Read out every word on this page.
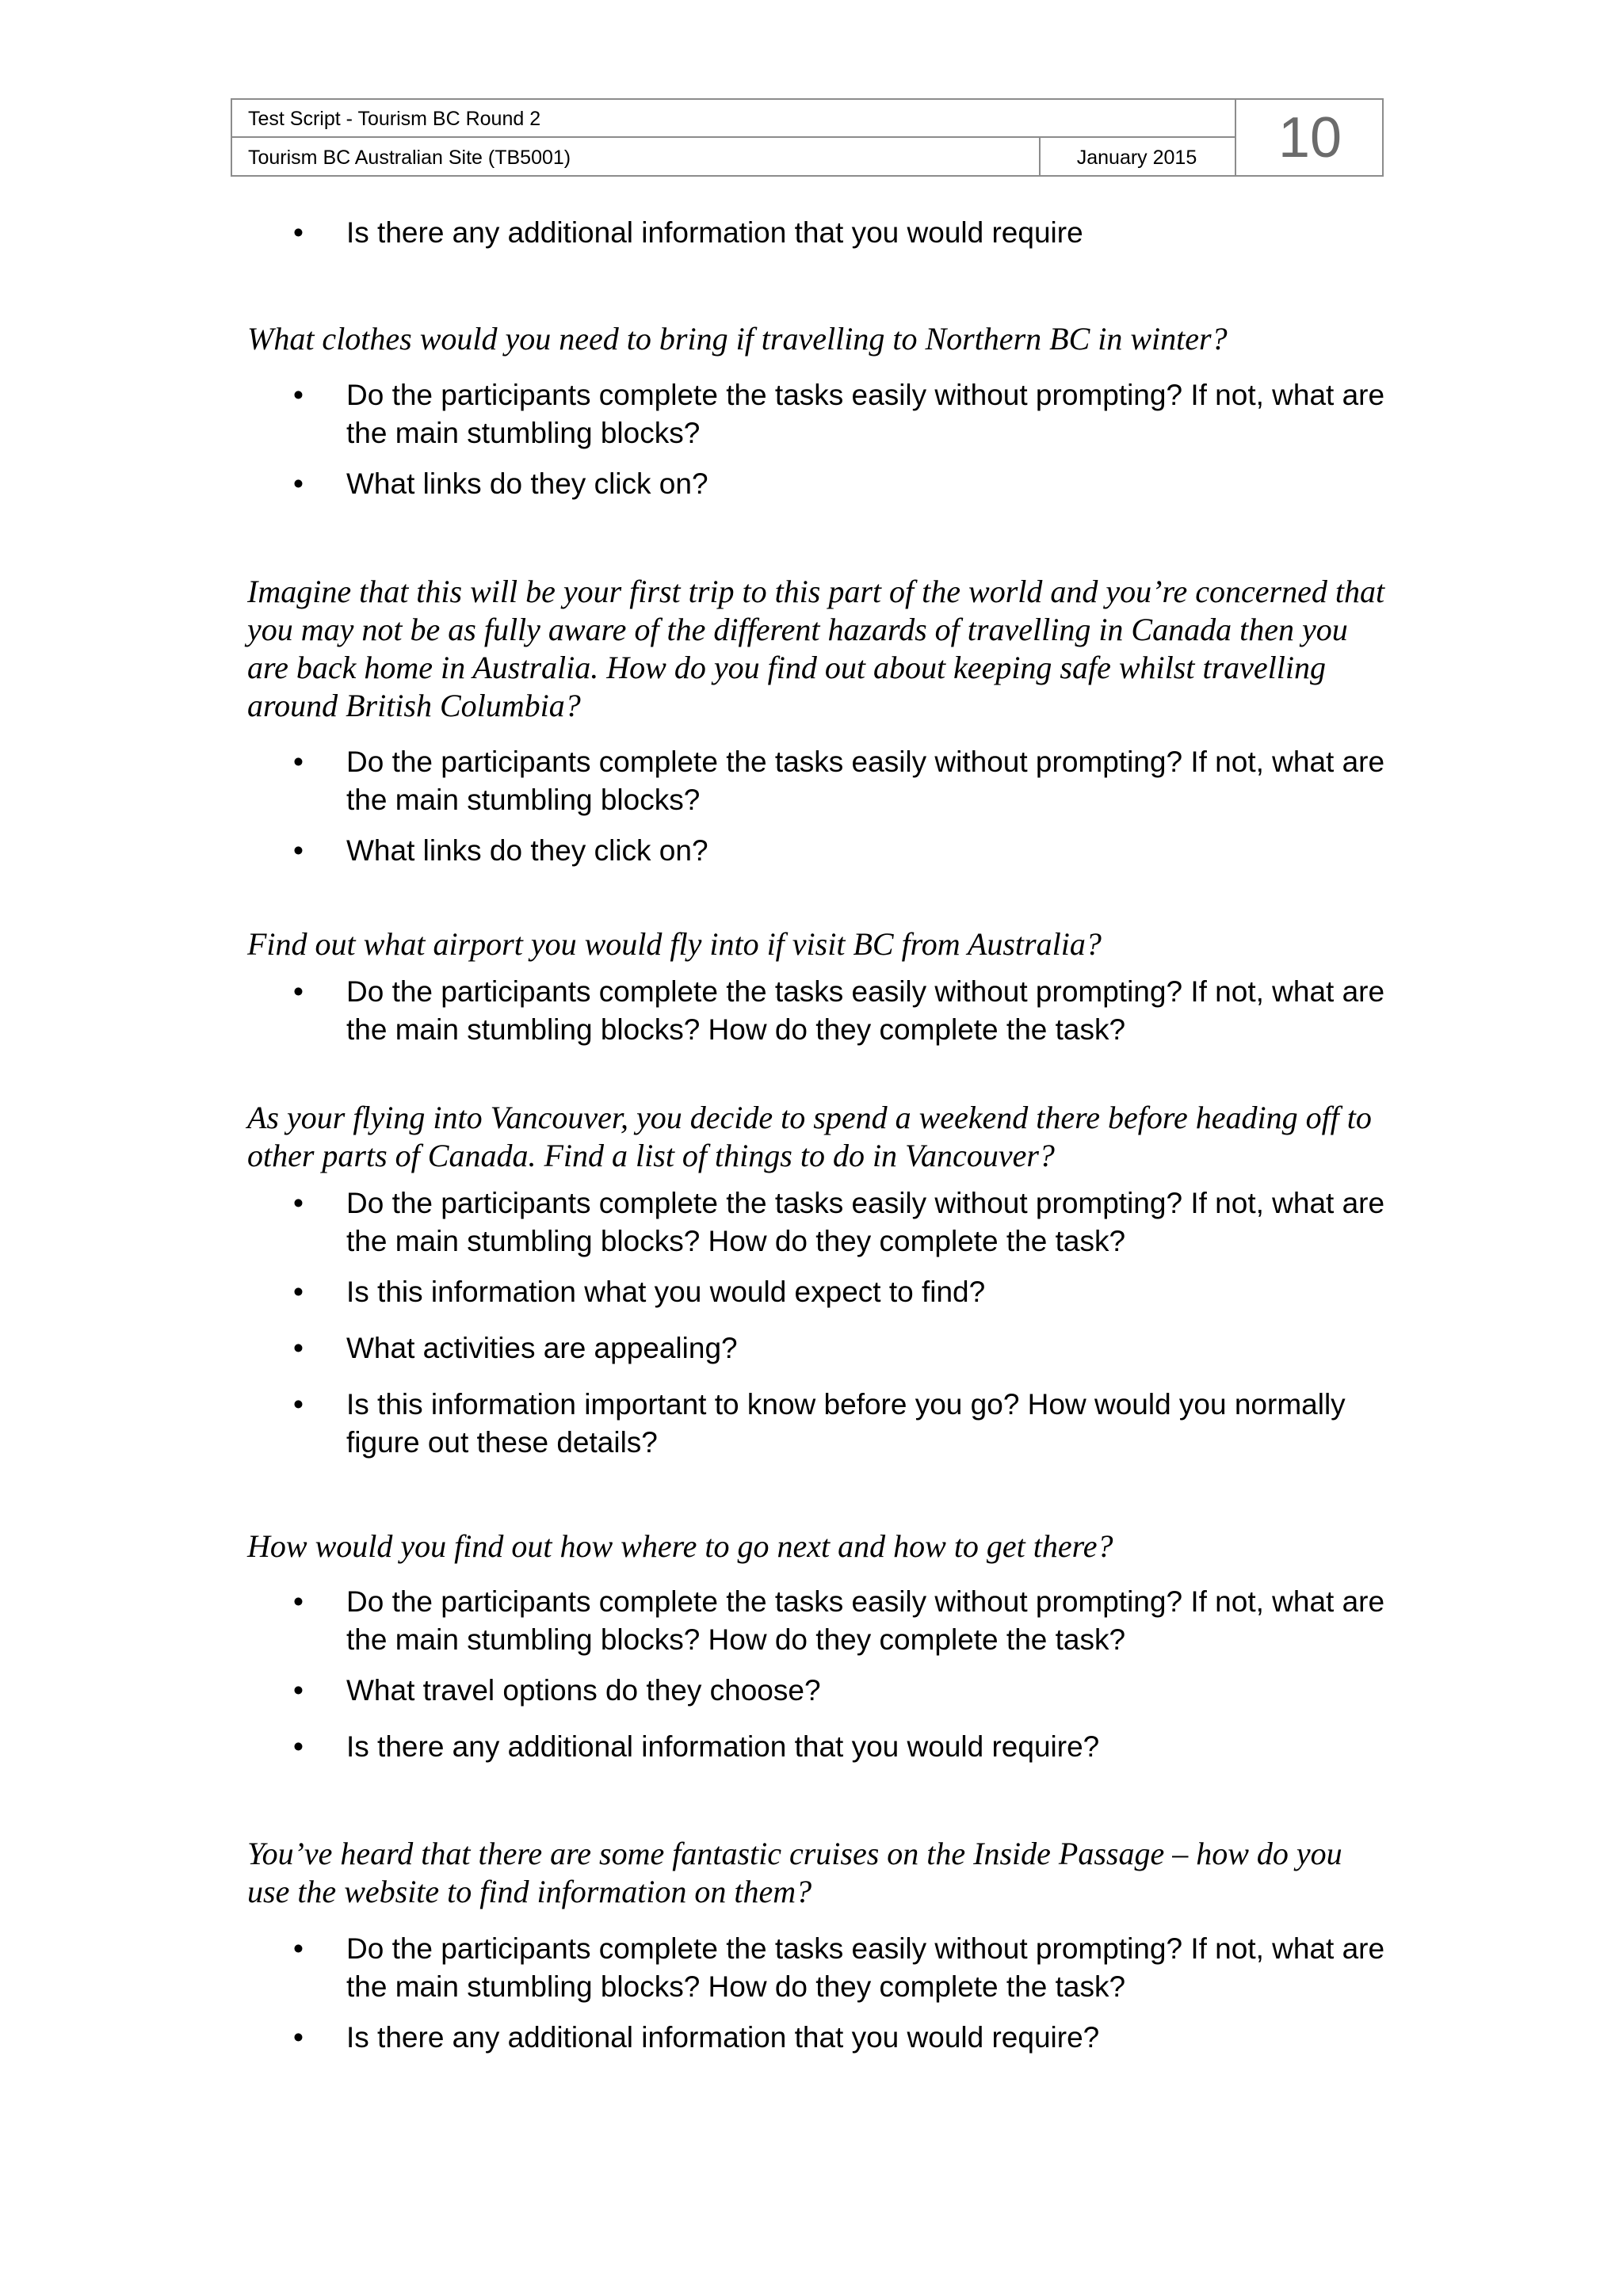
Test Script - Tourism BC Round 2
Tourism BC Australian Site (TB5001)	January 2015	10
• Is there any additional information that you would require
What clothes would you need to bring if travelling to Northern BC in winter?
• Do the participants complete the tasks easily without prompting? If not, what are the main stumbling blocks?
• What links do they click on?
Imagine that this will be your first trip to this part of the world and you’re concerned that you may not be as fully aware of the different hazards of travelling in Canada then you are back home in Australia. How do you find out about keeping safe whilst travelling around British Columbia?
• Do the participants complete the tasks easily without prompting? If not, what are the main stumbling blocks?
• What links do they click on?
Find out what airport you would fly into if visit BC from Australia?
• Do the participants complete the tasks easily without prompting? If not, what are the main stumbling blocks? How do they complete the task?
As your flying into Vancouver, you decide to spend a weekend there before heading off to other parts of Canada. Find a list of things to do in Vancouver?
• Do the participants complete the tasks easily without prompting? If not, what are the main stumbling blocks? How do they complete the task?
• Is this information what you would expect to find?
• What activities are appealing?
• Is this information important to know before you go? How would you normally figure out these details?
How would you find out how where to go next and how to get there?
• Do the participants complete the tasks easily without prompting? If not, what are the main stumbling blocks? How do they complete the task?
• What travel options do they choose?
• Is there any additional information that you would require?
You’ve heard that there are some fantastic cruises on the Inside Passage – how do you use the website to find information on them?
• Do the participants complete the tasks easily without prompting? If not, what are the main stumbling blocks? How do they complete the task?
• Is there any additional information that you would require?
